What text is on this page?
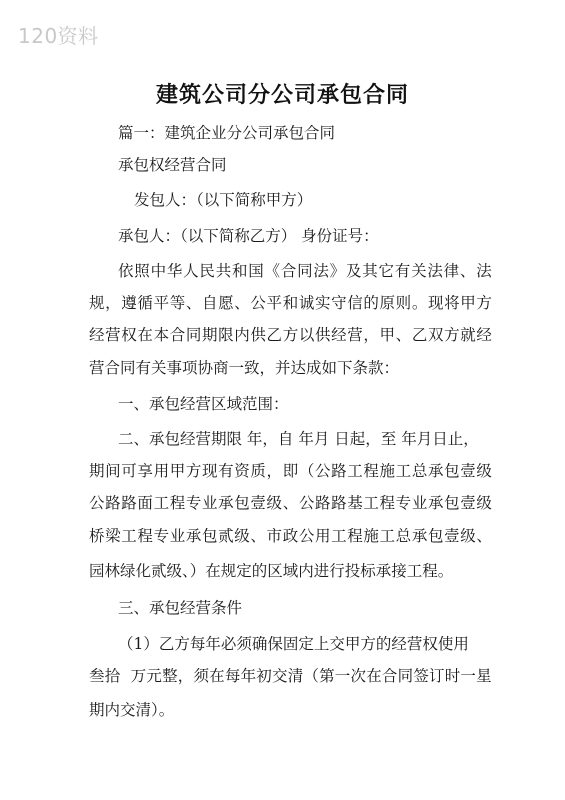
120资料
建筑公司分公司承包合同
篇一：建筑企业分公司承包合同
承包权经营合同
发包人：（以下简称甲方）
承包人：（以下简称乙方） 身份证号：
依 照 中 华 人 民 共 和 国 《 合 同 法 》 及 其 它 有 关 法 律 、 法
规 ， 遵 循 平 等 、 自 愿 、 公 平 和 诚 实 守 信 的 原 则 。 现 将 甲 方
经 营 权 在 本 合 同 期 限 内 供 乙 方 以 供 经 营 ， 甲 、 乙 双 方 就 经
营合同有关事项协商一致，并达成如下条款：
一、承包经营区域范围：
二、承包经营期限 年，自 年月 日起，至 年月日止，
期 间 可 享 用 甲 方 现 有 资 质 ， 即 （ 公 路 工 程 施 工 总 承 包 壹 级
公 路 路 面 工 程 专 业 承 包 壹 级 、 公 路 路 基 工 程 专 业 承 包 壹 级
桥 梁 工 程 专 业 承 包 贰 级 、 市 政 公 用 工 程 施 工 总 承 包 壹 级 、
园林绿化贰级、）在规定的区域内进行投标承接工程。
三、承包经营条件
（1）乙方每年必须确保固定上交甲方的经营权使用
叁 拾

万 元 整 ， 须 在 每 年 初 交 清 （ 第 一 次 在 合 同 签 订 时 一 星
期内交清）。
